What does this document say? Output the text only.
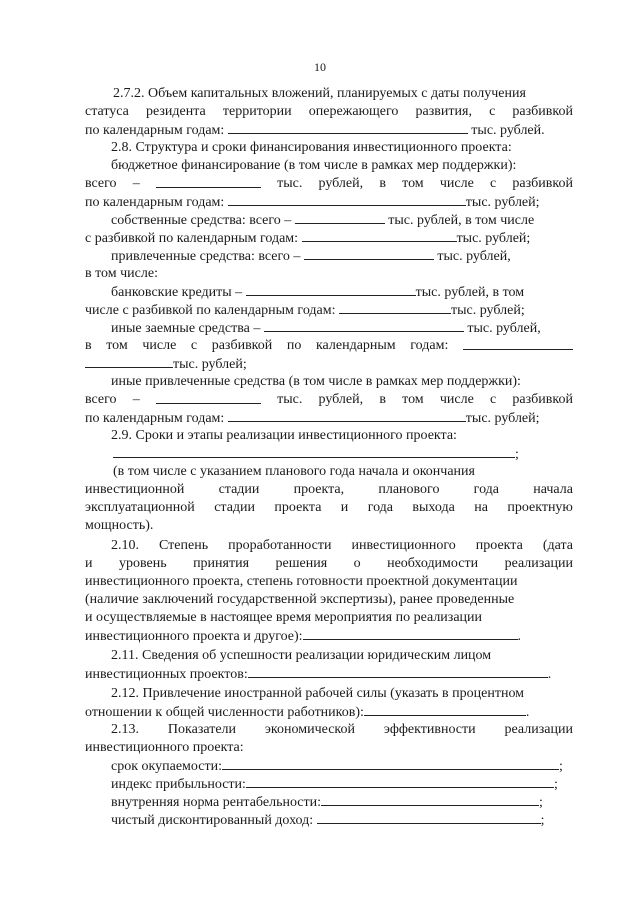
10
2.7.2. Объем капитальных вложений, планируемых с даты получения
статуса резидента территории опережающего развития, с разбивкой
по календарным годам:	тыс. рублей.
2.8. Структура и сроки финансирования инвестиционного проекта:
бюджетное финансирование (в том числе в рамках мер поддержки):
всего –	тыс. рублей, в том числе с разбивкой
по календарным годам:	тыс. рублей;
собственные средства: всего –	тыс. рублей, в том числе
с разбивкой по календарным годам:	тыс. рублей;
привлеченные средства: всего –	тыс. рублей,
в том числе:
банковские кредиты –	тыс. рублей, в том
числе с разбивкой по календарным годам:	тыс. рублей;
иные заемные средства –	тыс. рублей,
в том числе с разбивкой по календарным годам:
тыс. рублей;
иные привлеченные средства (в том числе в рамках мер поддержки):
всего –	тыс. рублей, в том числе с разбивкой
по календарным годам:	тыс. рублей;
2.9. Сроки и этапы реализации инвестиционного проекта:
;
(в том числе с указанием планового года начала и окончания
инвестиционной стадии проекта, планового года начала
эксплуатационной стадии проекта и года выхода на проектную
мощность).
2.10. Степень проработанности инвестиционного проекта (дата
и уровень принятия решения о необходимости реализации
инвестиционного проекта, степень готовности проектной документации
(наличие заключений государственной экспертизы), ранее проведенные
и осуществляемые в настоящее время мероприятия по реализации
инвестиционного проекта и другое):	.
2.11. Сведения об успешности реализации юридическим лицом
инвестиционных проектов:	.
2.12. Привлечение иностранной рабочей силы (указать в процентном
отношении к общей численности работников):	.
2.13. Показатели экономической эффективности реализации
инвестиционного проекта:
срок окупаемости:	;
индекс прибыльности:	;
внутренняя норма рентабельности:	;
чистый дисконтированный доход:	;
